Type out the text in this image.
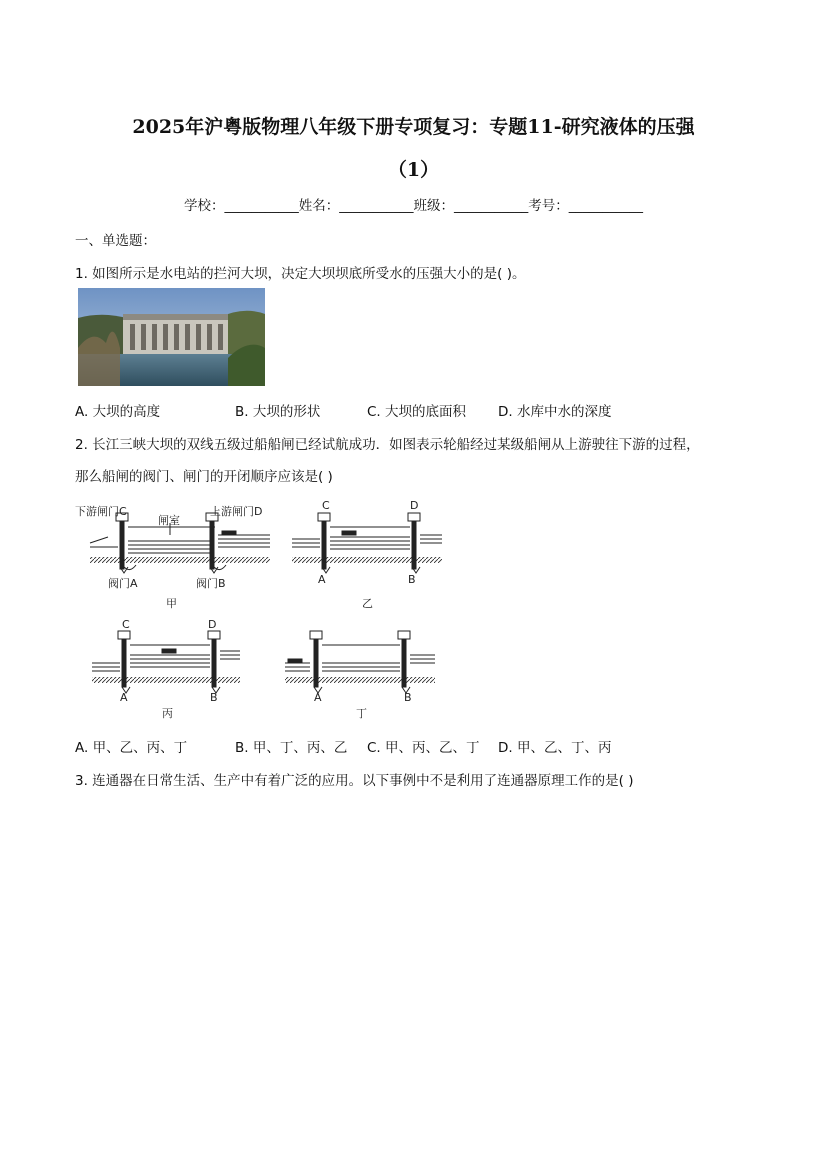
2025年沪粤版物理八年级下册专项复习：专题11-研究液体的压强
（1）
学校：___________姓名：___________班级：___________考号：___________
一、单选题：
1. 如图所示是水电站的拦河大坝，决定大坝坝底所受水的压强大小的是( )。
A. 大坝的高度	B. 大坝的形状	C. 大坝的底面积 D. 水库中水的深度
2. 长江三峡大坝的双线五级过船船闸已经试航成功．如图表示轮船经过某级船闸从上游驶往下游的过程，
那么船闸的阀门、闸门的开闭顺序应该是( )
下游闸门C
闸室
上游闸门D
阀门A	阀门B
甲
C	D
A	B
乙
C	D
A	B
丙
A	B
丁
A. 甲、乙、丙、丁	B. 甲、丁、丙、乙 C. 甲、丙、乙、丁 D. 甲、乙、丁、丙
3. 连通器在日常生活、生产中有着广泛的应用。以下事例中不是利用了连通器原理工作的是( )
